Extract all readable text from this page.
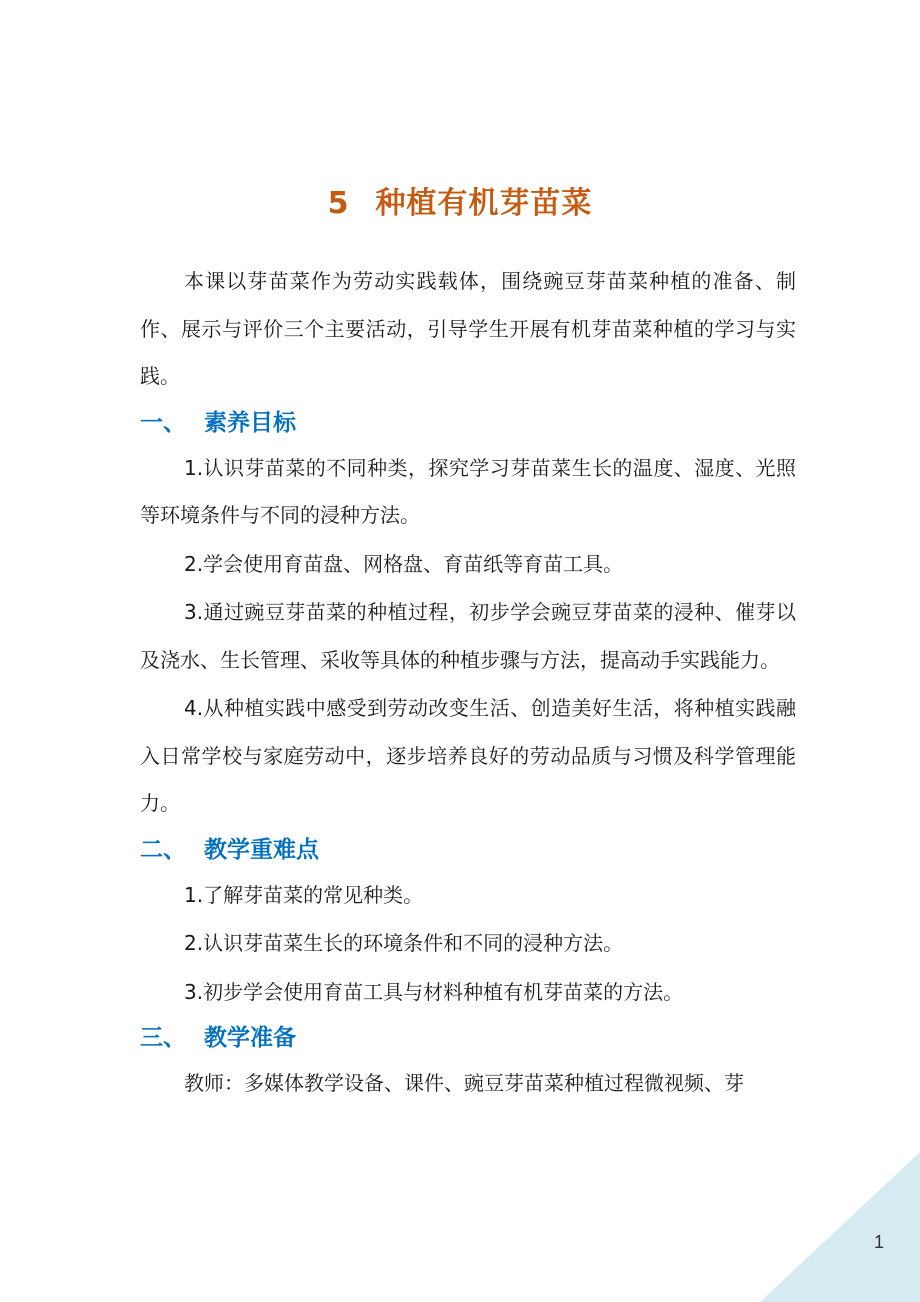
5 种植有机芽苗菜

本课以芽苗菜作为劳动实践载体，围绕豌豆芽苗菜种植的准备、制作、展示与评价三个主要活动，引导学生开展有机芽苗菜种植的学习与实践。

一、 素养目标

1.认识芽苗菜的不同种类，探究学习芽苗菜生长的温度、湿度、光照等环境条件与不同的浸种方法。

2.学会使用育苗盘、网格盘、育苗纸等育苗工具。

3.通过豌豆芽苗菜的种植过程，初步学会豌豆芽苗菜的浸种、催芽以及浇水、生长管理、采收等具体的种植步骤与方法，提高动手实践能力。

4.从种植实践中感受到劳动改变生活、创造美好生活，将种植实践融入日常学校与家庭劳动中，逐步培养良好的劳动品质与习惯及科学管理能力。

二、 教学重难点

1.了解芽苗菜的常见种类。

2.认识芽苗菜生长的环境条件和不同的浸种方法。

3.初步学会使用育苗工具与材料种植有机芽苗菜的方法。

三、 教学准备

教师：多媒体教学设备、课件、豌豆芽苗菜种植过程微视频、芽

1
